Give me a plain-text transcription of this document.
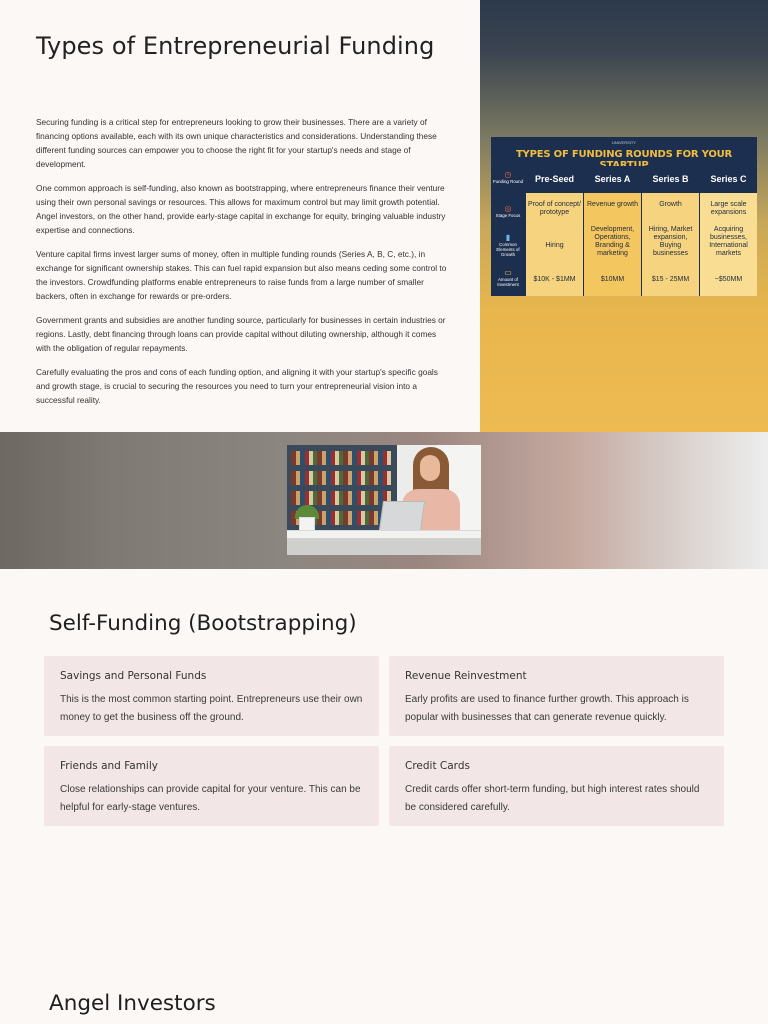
Types of Entrepreneurial Funding

Securing funding is a critical step for entrepreneurs looking to grow their businesses. There are a variety of financing options available, each with its own unique characteristics and considerations. Understanding these different funding sources can empower you to choose the right fit for your startup's needs and stage of development.

One common approach is self-funding, also known as bootstrapping, where entrepreneurs finance their venture using their own personal savings or resources. This allows for maximum control but may limit growth potential. Angel investors, on the other hand, provide early-stage capital in exchange for equity, bringing valuable industry expertise and connections.

Venture capital firms invest larger sums of money, often in multiple funding rounds (Series A, B, C, etc.), in exchange for significant ownership stakes. This can fuel rapid expansion but also means ceding some control to the investors. Crowdfunding platforms enable entrepreneurs to raise funds from a large number of smaller backers, often in exchange for rewards or pre-orders.

Government grants and subsidies are another funding source, particularly for businesses in certain industries or regions. Lastly, debt financing through loans can provide capital without diluting ownership, although it comes with the obligation of regular repayments.

Carefully evaluating the pros and cons of each funding option, and aligning it with your startup's specific goals and growth stage, is crucial to securing the resources you need to turn your entrepreneurial vision into a successful reality.

UNIVERSITY
TYPES OF FUNDING ROUNDS FOR YOUR
◷
Funding Round
◎
Stage Focus
▮
Common Elements of Growth
▭
Amount of Investment
Pre-Seed
Proof of concept/ prototype
Hiring
$10K - $1MM
Series A
Revenue growth
Development, Operations, Branding & marketing
$10MM
Series B
Growth
Hiring, Market expansion, Buying businesses
$15 - 25MM
Series C
Large scale expansions
Acquiring businesses, International markets
~$50MM
Self-Funding (Bootstrapping)
Savings and Personal Funds
This is the most common starting point. Entrepreneurs use their own money to get the business off the ground.
Revenue Reinvestment
Early profits are used to finance further growth. This approach is popular with businesses that can generate revenue quickly.
Friends and Family
Close relationships can provide capital for your venture. This can be helpful for early-stage ventures.
Credit Cards
Credit cards offer short-term funding, but high interest rates should be considered carefully.
Angel Investors
